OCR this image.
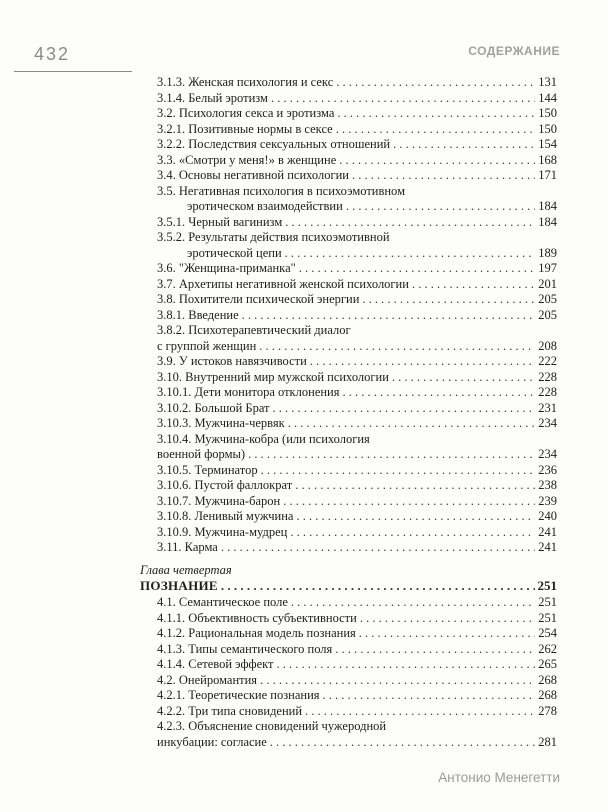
432	СОДЕРЖАНИЕ
3.1.3. Женская психология и секс . . .	131
3.1.4. Белый эротизм . . .	144
3.2. Психология секса и эротизма . . .	150
3.2.1. Позитивные нормы в сексе . . .	150
3.2.2. Последствия сексуальных отношений . . .	154
3.3. «Смотри у меня!» в женщине . . .	168
3.4. Основы негативной психологии . . .	171
3.5. Негативная психология в психоэмотивном
эротическом взаимодействии . . .	184
3.5.1. Черный вагинизм . . .	184
3.5.2. Результаты действия психоэмотивной
эротической цепи . . .	189
3.6. "Женщина-приманка" . . .	197
3.7. Архетипы негативной женской психологии . . .	201
3.8. Похитители психической энергии . . .	205
3.8.1. Введение . . .	205
3.8.2. Психотерапевтический диалог
с группой женщин . . .	208
3.9. У истоков навязчивости . . .	222
3.10. Внутренний мир мужской психологии . . .	228
3.10.1. Дети монитора отклонения . . .	228
3.10.2. Большой Брат . . .	231
3.10.3. Мужчина-червяк . . .	234
3.10.4. Мужчина-кобра (или психология
военной формы) . . .	234
3.10.5. Терминатор . . .	236
3.10.6. Пустой фаллократ . . .	238
3.10.7. Мужчина-барон . . .	239
3.10.8. Ленивый мужчина . . .	240
3.10.9. Мужчина-мудрец . . .	241
3.11. Карма . . .	241
Глава четвертая
ПОЗНАНИЕ . . .	251
4.1. Семантическое поле . . .	251
4.1.1. Объективность субъективности . . .	251
4.1.2. Рациональная модель познания . . .	254
4.1.3. Типы семантического поля . . .	262
4.1.4. Сетевой эффект . . .	265
4.2. Онейромантия . . .	268
4.2.1. Теоретические познания . . .	268
4.2.2. Три типа сновидений . . .	278
4.2.3. Объяснение сновидений чужеродной
инкубации: согласие . . .	281
Антонио Менегетти
